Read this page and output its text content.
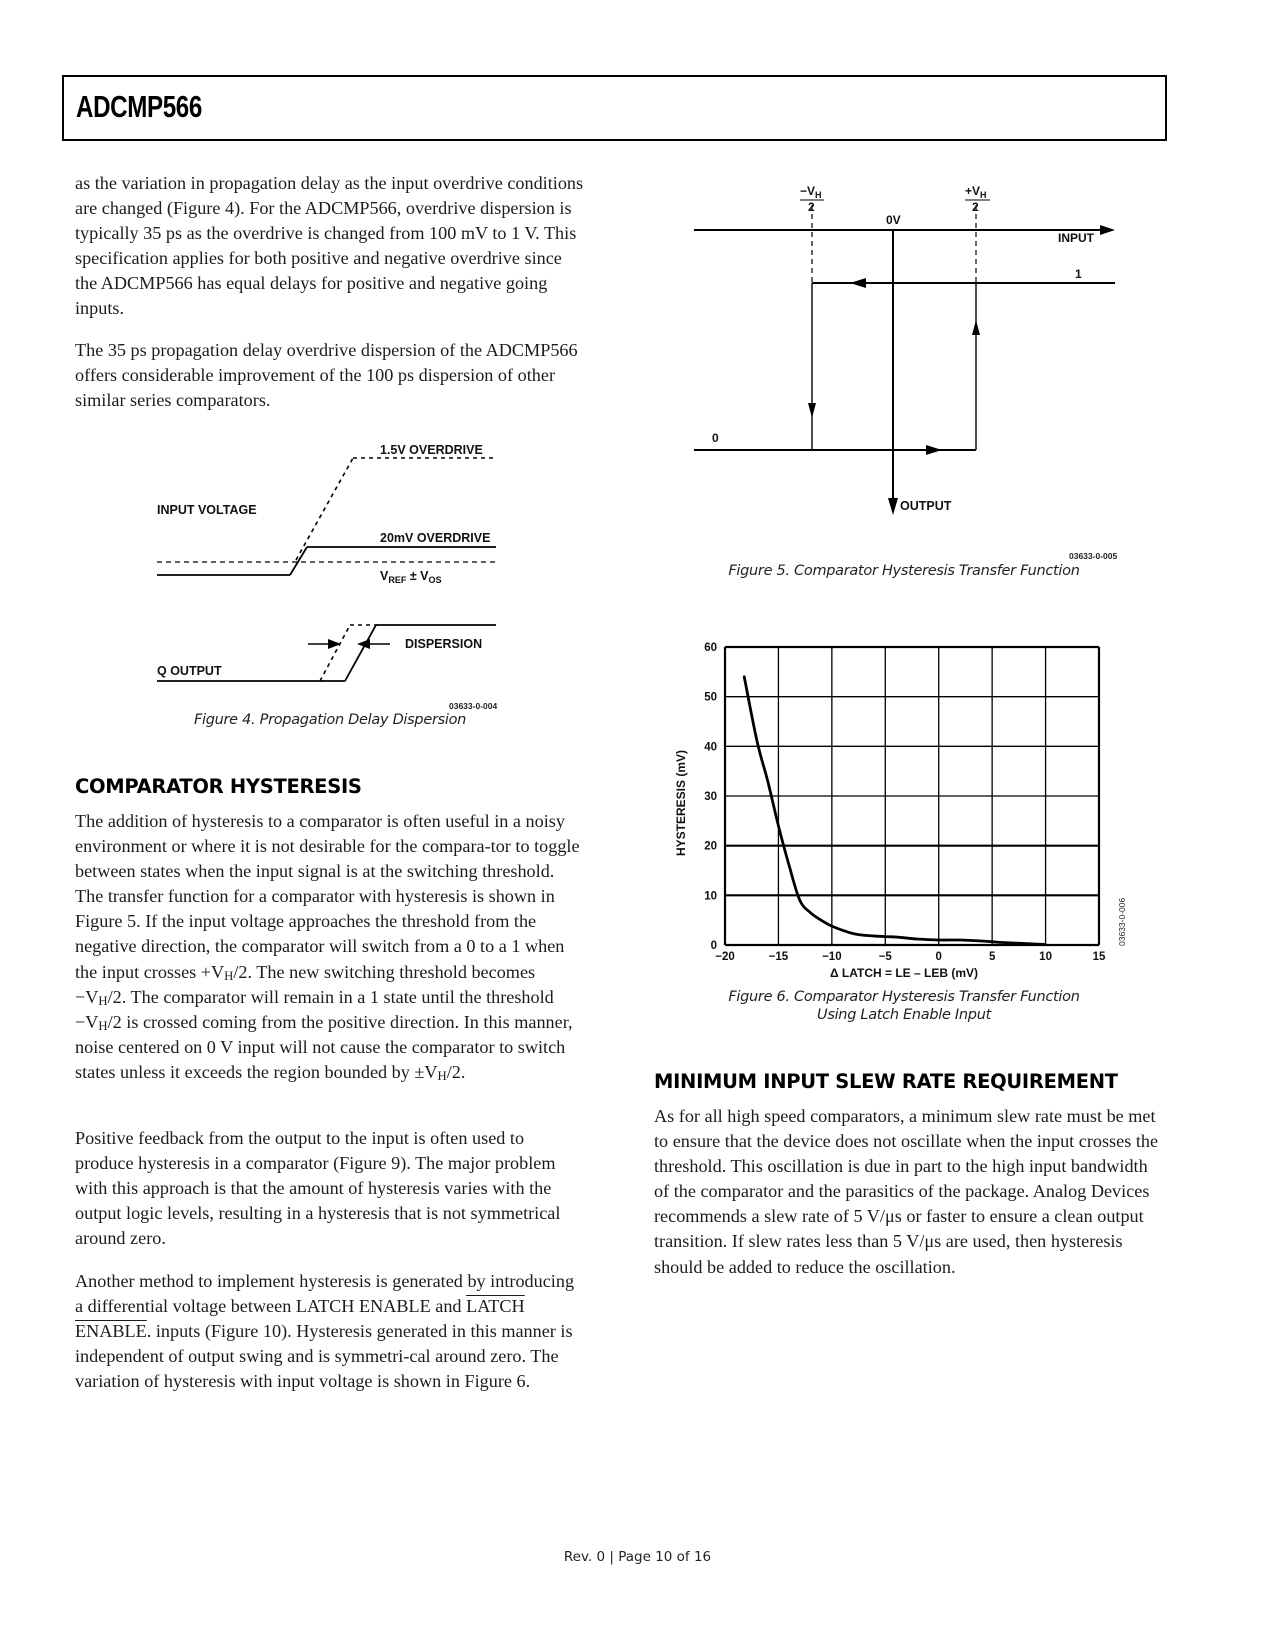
ADCMP566

as the variation in propagation delay as the input overdrive conditions are changed (Figure 4). For the ADCMP566, overdrive dispersion is typically 35 ps as the overdrive is changed from 100 mV to 1 V. This specification applies for both positive and negative overdrive since the ADCMP566 has equal delays for positive and negative going inputs.

The 35 ps propagation delay overdrive dispersion of the ADCMP566 offers considerable improvement of the 100 ps dispersion of other similar series comparators.

1.5V OVERDRIVE
INPUT VOLTAGE
20mV OVERDRIVE
$V_{REF} \pm V_{OS}$
DISPERSION
Q OUTPUT
03633-0-004
Figure 4. Propagation Delay Dispersion
COMPARATOR HYSTERESIS

The addition of hysteresis to a comparator is often useful in a noisy environment or where it is not desirable for the compara-tor to toggle between states when the input signal is at the switching threshold. The transfer function for a comparator with hysteresis is shown in Figure 5. If the input voltage approaches the threshold from the negative direction, the comparator will switch from a 0 to a 1 when the input crosses $+V_H/2$. The new switching threshold becomes $-V_H/2$. The comparator will remain in a 1 state until the threshold $-V_H/2$ is crossed coming from the positive direction. In this manner, noise centered on 0 V input will not cause the comparator to switch states unless it exceeds the region bounded by $\pm V_H/2$.

Positive feedback from the output to the input is often used to produce hysteresis in a comparator (Figure 9). The major problem with this approach is that the amount of hysteresis varies with the output logic levels, resulting in a hysteresis that is not symmetrical around zero.

Another method to implement hysteresis is generated by introducing a differential voltage between LATCH ENABLE and LATCH ENABLE. inputs (Figure 10). Hysteresis generated in this manner is independent of output swing and is symmetri-cal around zero. The variation of hysteresis with input voltage is shown in Figure 6.

$-V_H$
2
$+V_H$
2
0V
INPUT
1
0
OUTPUT
03633-0-005
Figure 5. Comparator Hysteresis Transfer Function
0
10
20
30
40
50
60
−20	−15	−10	−5	0	5	10	15
HYSTERESIS (mV)
Δ LATCH = LE – LEB (mV)
03633-0-006
Figure 6. Comparator Hysteresis Transfer Function
Using Latch Enable Input
MINIMUM INPUT SLEW RATE REQUIREMENT

As for all high speed comparators, a minimum slew rate must be met to ensure that the device does not oscillate when the input crosses the threshold. This oscillation is due in part to the high input bandwidth of the comparator and the parasitics of the package. Analog Devices recommends a slew rate of 5 V/μs or faster to ensure a clean output transition. If slew rates less than 5 V/μs are used, then hysteresis should be added to reduce the oscillation.

Rev. 0 | Page 10 of 16
